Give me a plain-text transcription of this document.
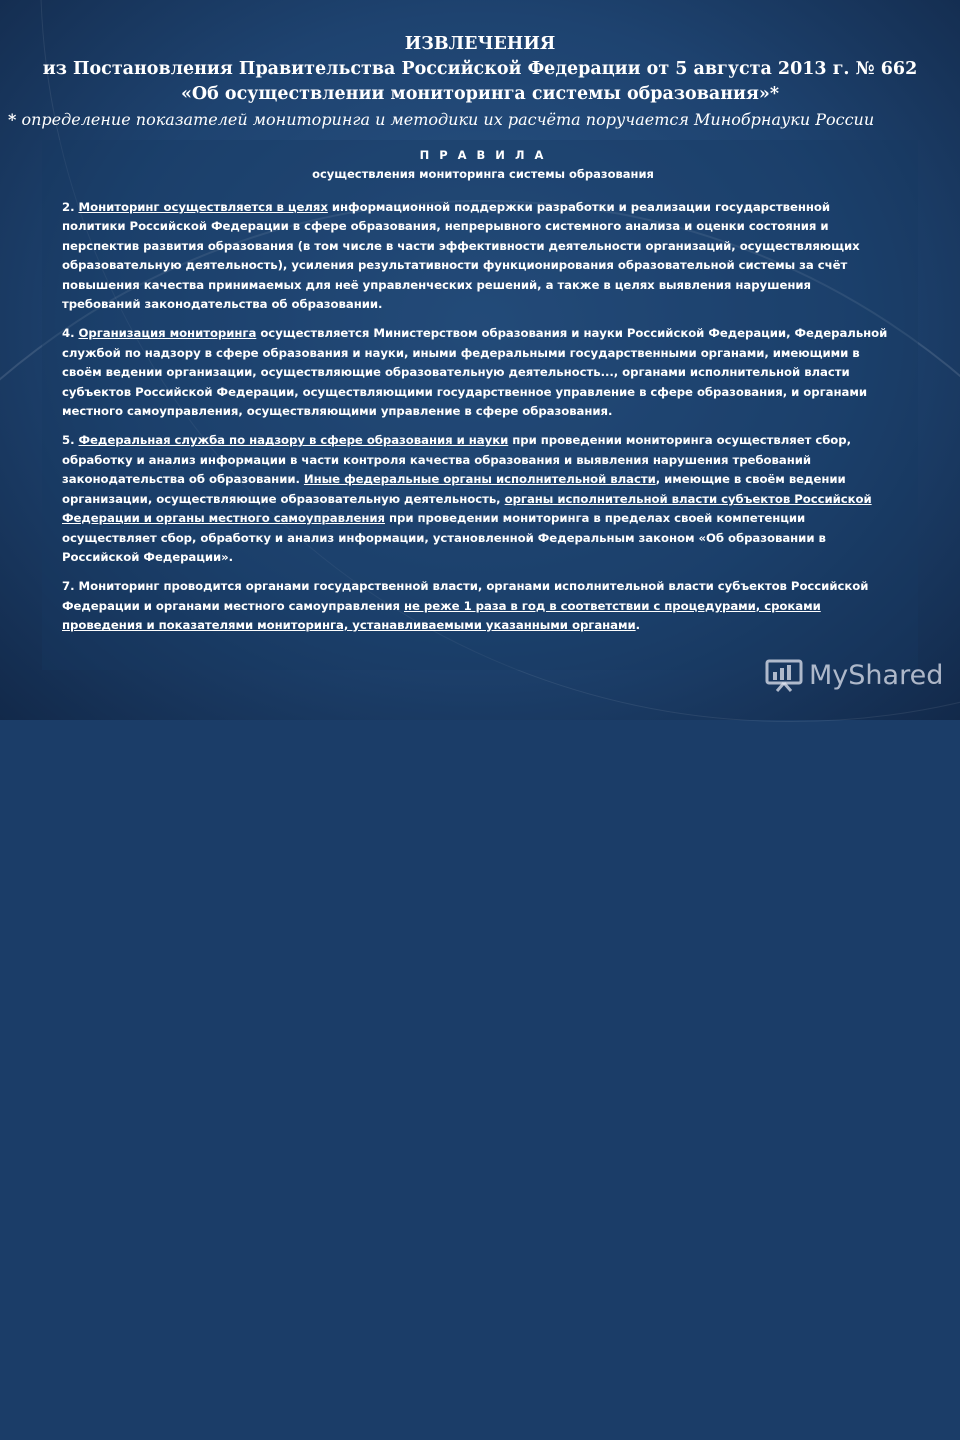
ИЗВЛЕЧЕНИЯ
из Постановления Правительства Российской Федерации от 5 августа 2013 г. № 662
«Об осуществлении мониторинга системы образования»*
* определение показателей мониторинга и методики их расчёта поручается Минобрнауки России
П Р А В И Л А
осуществления мониторинга системы образования

2. Мониторинг осуществляется в целях информационной поддержки разработки и реализации государственной политики Российской Федерации в сфере образования, непрерывного системного анализа и оценки состояния и перспектив развития образования (в том числе в части эффективности деятельности организаций, осуществляющих образовательную деятельность), усиления результативности функционирования образовательной системы за счёт повышения качества принимаемых для неё управленческих решений, а также в целях выявления нарушения требований законодательства об образовании.

4. Организация мониторинга осуществляется Министерством образования и науки Российской Федерации, Федеральной службой по надзору в сфере образования и науки, иными федеральными государственными органами, имеющими в своём ведении организации, осуществляющие образовательную деятельность..., органами исполнительной власти субъектов Российской Федерации, осуществляющими государственное управление в сфере образования, и органами местного самоуправления, осуществляющими управление в сфере образования.

5. Федеральная служба по надзору в сфере образования и науки при проведении мониторинга осуществляет сбор, обработку и анализ информации в части контроля качества образования и выявления нарушения требований законодательства об образовании. Иные федеральные органы исполнительной власти, имеющие в своём ведении организации, осуществляющие образовательную деятельность, органы исполнительной власти субъектов Российской Федерации и органы местного самоуправления при проведении мониторинга в пределах своей компетенции осуществляет сбор, обработку и анализ информации, установленной Федеральным законом «Об образовании в Российской Федерации».

7. Мониторинг проводится органами государственной власти, органами исполнительной власти субъектов Российской Федерации и органами местного самоуправления не реже 1 раза в год в соответствии с процедурами, сроками проведения и показателями мониторинга, устанавливаемыми указанными органами.

MyShared
